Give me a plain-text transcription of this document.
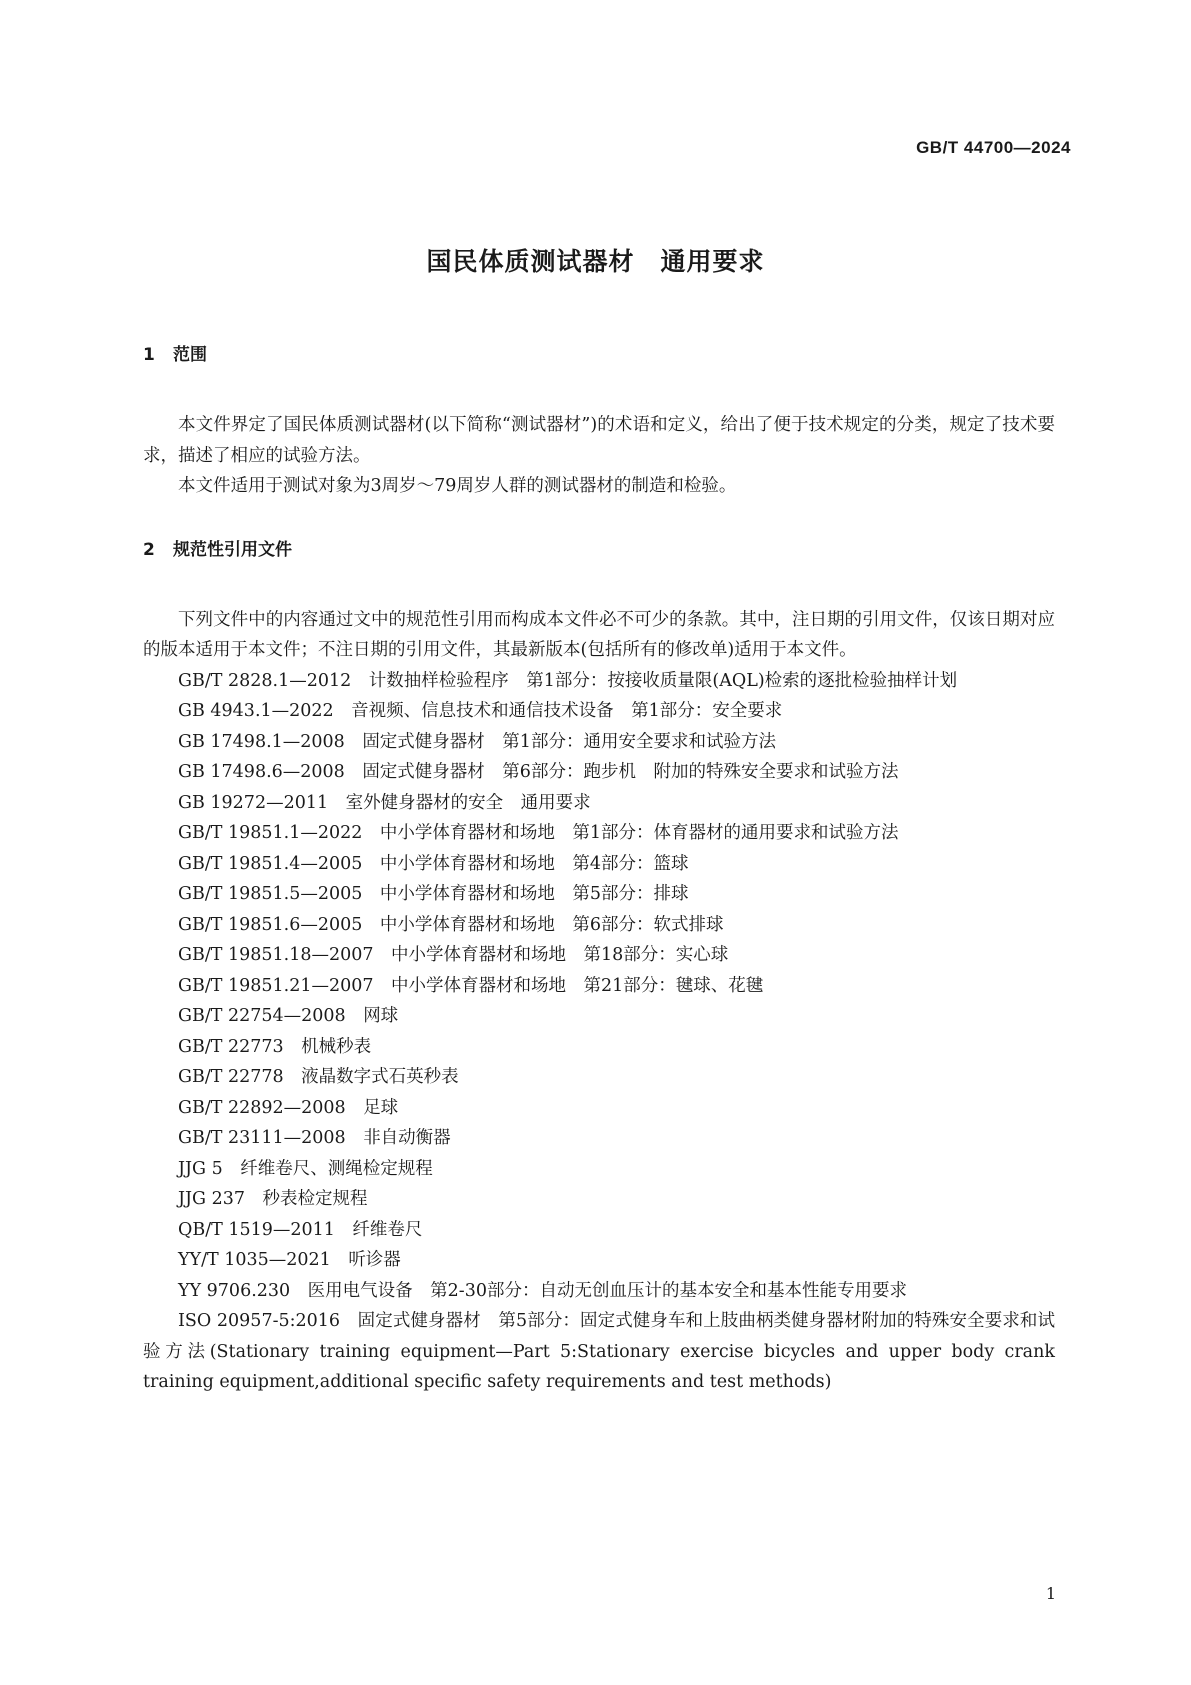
GB/T 44700—2024
国民体质测试器材　通用要求
1	范围

本文件界定了国民体质测试器材(以下简称“测试器材”)的术语和定义，给出了便于技术规定的分类，规定了技术要求，描述了相应的试验方法。

本文件适用于测试对象为3周岁～79周岁人群的测试器材的制造和检验。

2	规范性引用文件

下列文件中的内容通过文中的规范性引用而构成本文件必不可少的条款。其中，注日期的引用文件，仅该日期对应的版本适用于本文件；不注日期的引用文件，其最新版本(包括所有的修改单)适用于本文件。

GB/T 2828.1—2012 计数抽样检验程序　第1部分：按接收质量限(AQL)检索的逐批检验抽样计划
GB 4943.1—2022 音视频、信息技术和通信技术设备　第1部分：安全要求
GB 17498.1—2008 固定式健身器材　第1部分：通用安全要求和试验方法
GB 17498.6—2008 固定式健身器材　第6部分：跑步机　附加的特殊安全要求和试验方法
GB 19272—2011 室外健身器材的安全　通用要求
GB/T 19851.1—2022 中小学体育器材和场地　第1部分：体育器材的通用要求和试验方法
GB/T 19851.4—2005 中小学体育器材和场地　第4部分：篮球
GB/T 19851.5—2005 中小学体育器材和场地　第5部分：排球
GB/T 19851.6—2005 中小学体育器材和场地　第6部分：软式排球
GB/T 19851.18—2007 中小学体育器材和场地　第18部分：实心球
GB/T 19851.21—2007 中小学体育器材和场地　第21部分：毽球、花毽
GB/T 22754—2008 网球
GB/T 22773 机械秒表
GB/T 22778 液晶数字式石英秒表
GB/T 22892—2008 足球
GB/T 23111—2008 非自动衡器
JJG 5 纤维卷尺、测绳检定规程
JJG 237 秒表检定规程
QB/T 1519—2011 纤维卷尺
YY/T 1035—2021 听诊器
YY 9706.230 医用电气设备　第2-30部分：自动无创血压计的基本安全和基本性能专用要求
ISO 20957-5:2016 固定式健身器材　第5部分：固定式健身车和上肢曲柄类健身器材附加的特殊安全要求和试验方法(Stationary training equipment—Part 5:Stationary exercise bicycles and upper body crank training equipment,additional specific safety requirements and test methods)
1
